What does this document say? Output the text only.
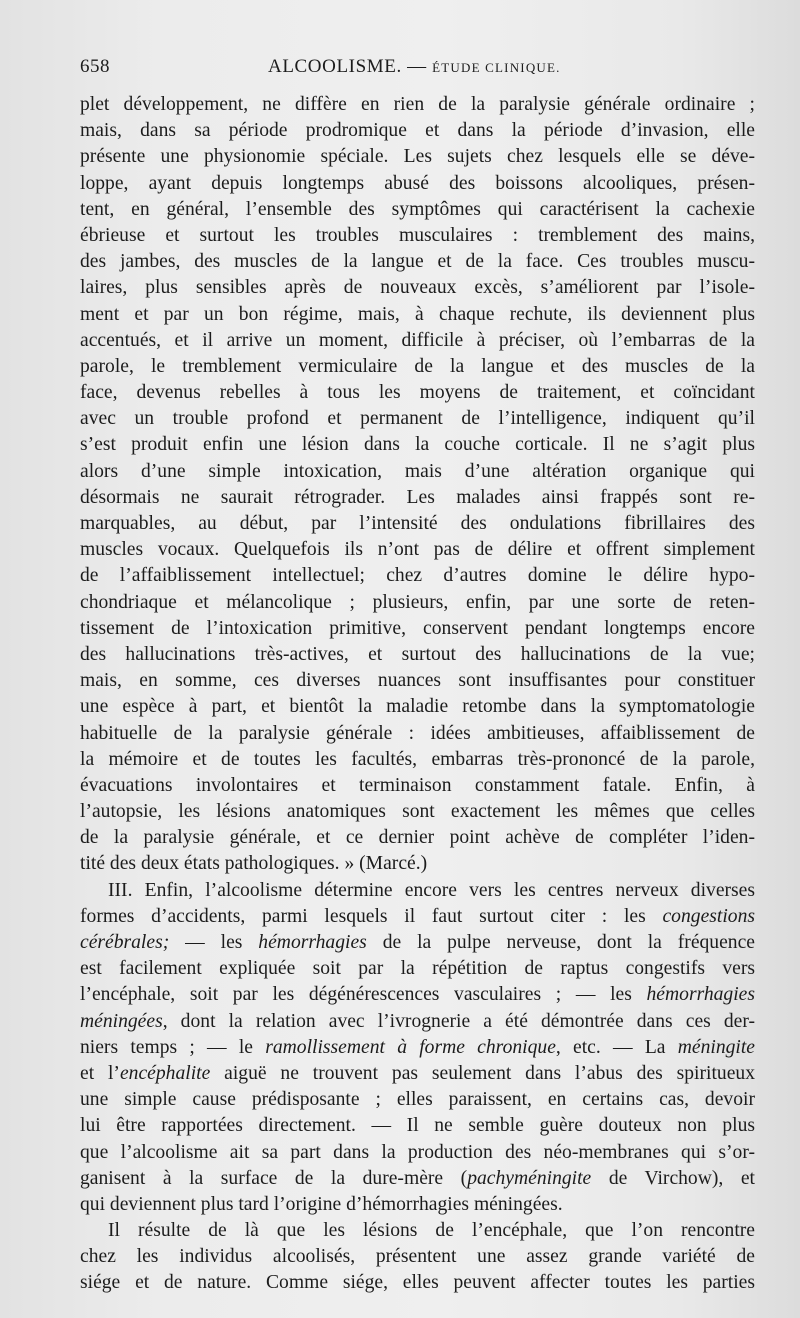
658	ALCOOLISME. — ÉTUDE CLINIQUE.
plet développement, ne diffère en rien de la paralysie générale ordinaire ;
mais, dans sa période prodromique et dans la période d’invasion, elle
présente une physionomie spéciale. Les sujets chez lesquels elle se déve-
loppe, ayant depuis longtemps abusé des boissons alcooliques, présen-
tent, en général, l’ensemble des symptômes qui caractérisent la cachexie
ébrieuse et surtout les troubles musculaires : tremblement des mains,
des jambes, des muscles de la langue et de la face. Ces troubles muscu-
laires, plus sensibles après de nouveaux excès, s’améliorent par l’isole-
ment et par un bon régime, mais, à chaque rechute, ils deviennent plus
accentués, et il arrive un moment, difficile à préciser, où l’embarras de la
parole, le tremblement vermiculaire de la langue et des muscles de la
face, devenus rebelles à tous les moyens de traitement, et coïncidant
avec un trouble profond et permanent de l’intelligence, indiquent qu’il
s’est produit enfin une lésion dans la couche corticale. Il ne s’agit plus
alors d’une simple intoxication, mais d’une altération organique qui
désormais ne saurait rétrograder. Les malades ainsi frappés sont re-
marquables, au début, par l’intensité des ondulations fibrillaires des
muscles vocaux. Quelquefois ils n’ont pas de délire et offrent simplement
de l’affaiblissement intellectuel; chez d’autres domine le délire hypo-
chondriaque et mélancolique ; plusieurs, enfin, par une sorte de reten-
tissement de l’intoxication primitive, conservent pendant longtemps encore
des hallucinations très-actives, et surtout des hallucinations de la vue;
mais, en somme, ces diverses nuances sont insuffisantes pour constituer
une espèce à part, et bientôt la maladie retombe dans la symptomatologie
habituelle de la paralysie générale : idées ambitieuses, affaiblissement de
la mémoire et de toutes les facultés, embarras très-prononcé de la parole,
évacuations involontaires et terminaison constamment fatale. Enfin, à
l’autopsie, les lésions anatomiques sont exactement les mêmes que celles
de la paralysie générale, et ce dernier point achève de compléter l’iden-
tité des deux états pathologiques. » (Marcé.)
III. Enfin, l’alcoolisme détermine encore vers les centres nerveux diverses
formes d’accidents, parmi lesquels il faut surtout citer : les congestions
cérébrales; — les hémorrhagies de la pulpe nerveuse, dont la fréquence
est facilement expliquée soit par la répétition de raptus congestifs vers
l’encéphale, soit par les dégénérescences vasculaires ; — les hémorrhagies
méningées, dont la relation avec l’ivrognerie a été démontrée dans ces der-
niers temps ; — le ramollissement à forme chronique, etc. — La méningite
et l’encéphalite aiguë ne trouvent pas seulement dans l’abus des spiritueux
une simple cause prédisposante ; elles paraissent, en certains cas, devoir
lui être rapportées directement. — Il ne semble guère douteux non plus
que l’alcoolisme ait sa part dans la production des néo-membranes qui s’or-
ganisent à la surface de la dure-mère (pachyméningite de Virchow), et
qui deviennent plus tard l’origine d’hémorrhagies méningées.
Il résulte de là que les lésions de l’encéphale, que l’on rencontre
chez les individus alcoolisés, présentent une assez grande variété de
siége et de nature. Comme siége, elles peuvent affecter toutes les parties
